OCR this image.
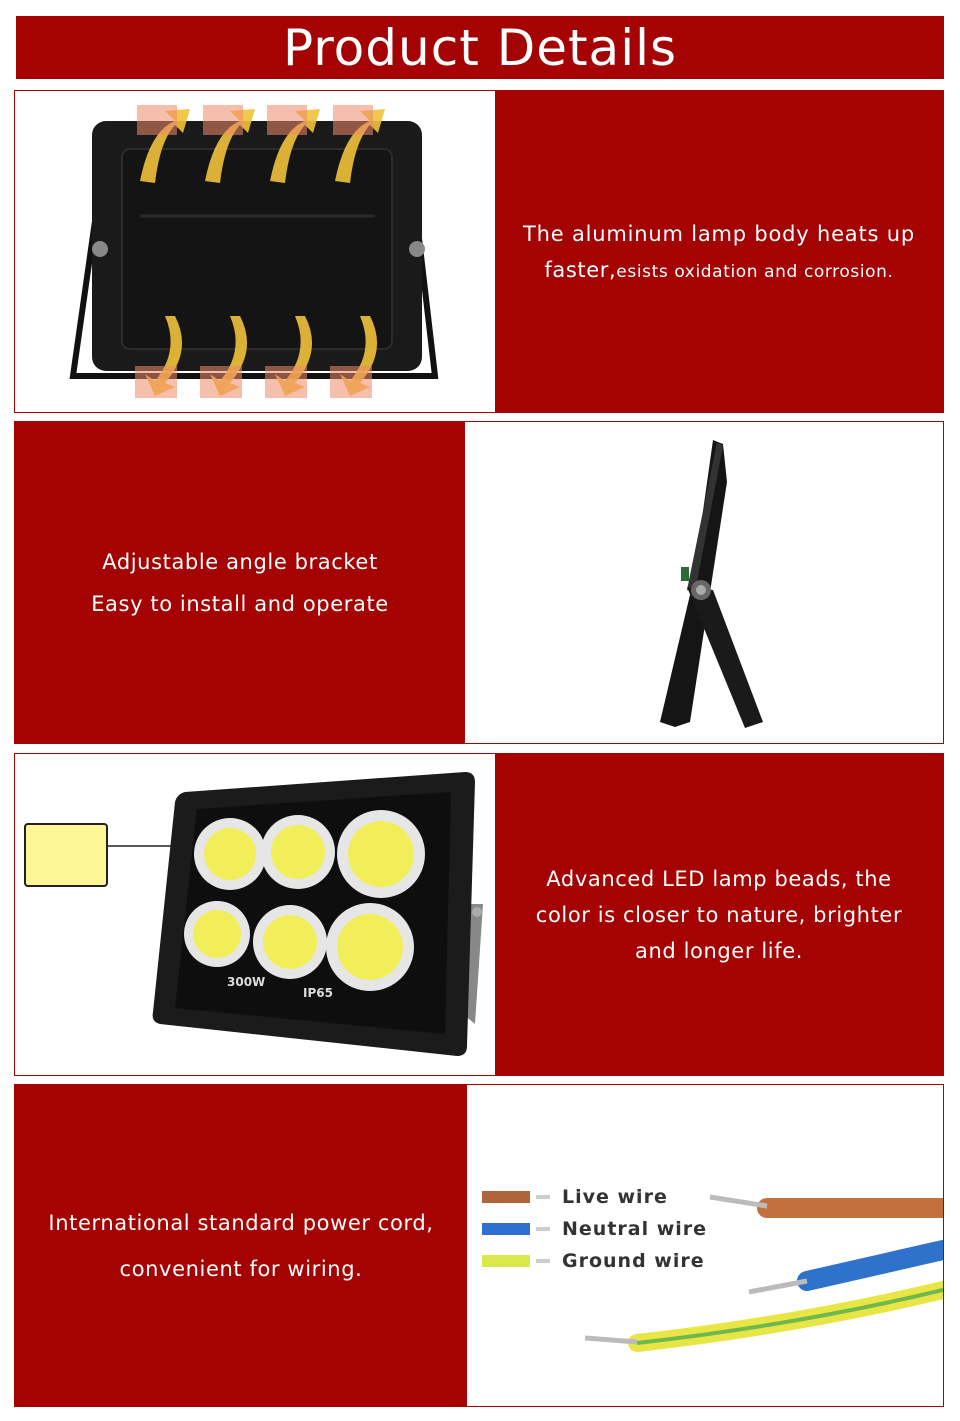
Product Details

The aluminum lamp body heats up

faster,esists oxidation and corrosion.

Adjustable angle bracket

Easy to install and operate

300W
IP65

Advanced LED lamp beads, the

color is closer to nature, brighter

and longer life.

International standard power cord,

convenient for wiring.

Live wire
Neutral wire
Ground wire
